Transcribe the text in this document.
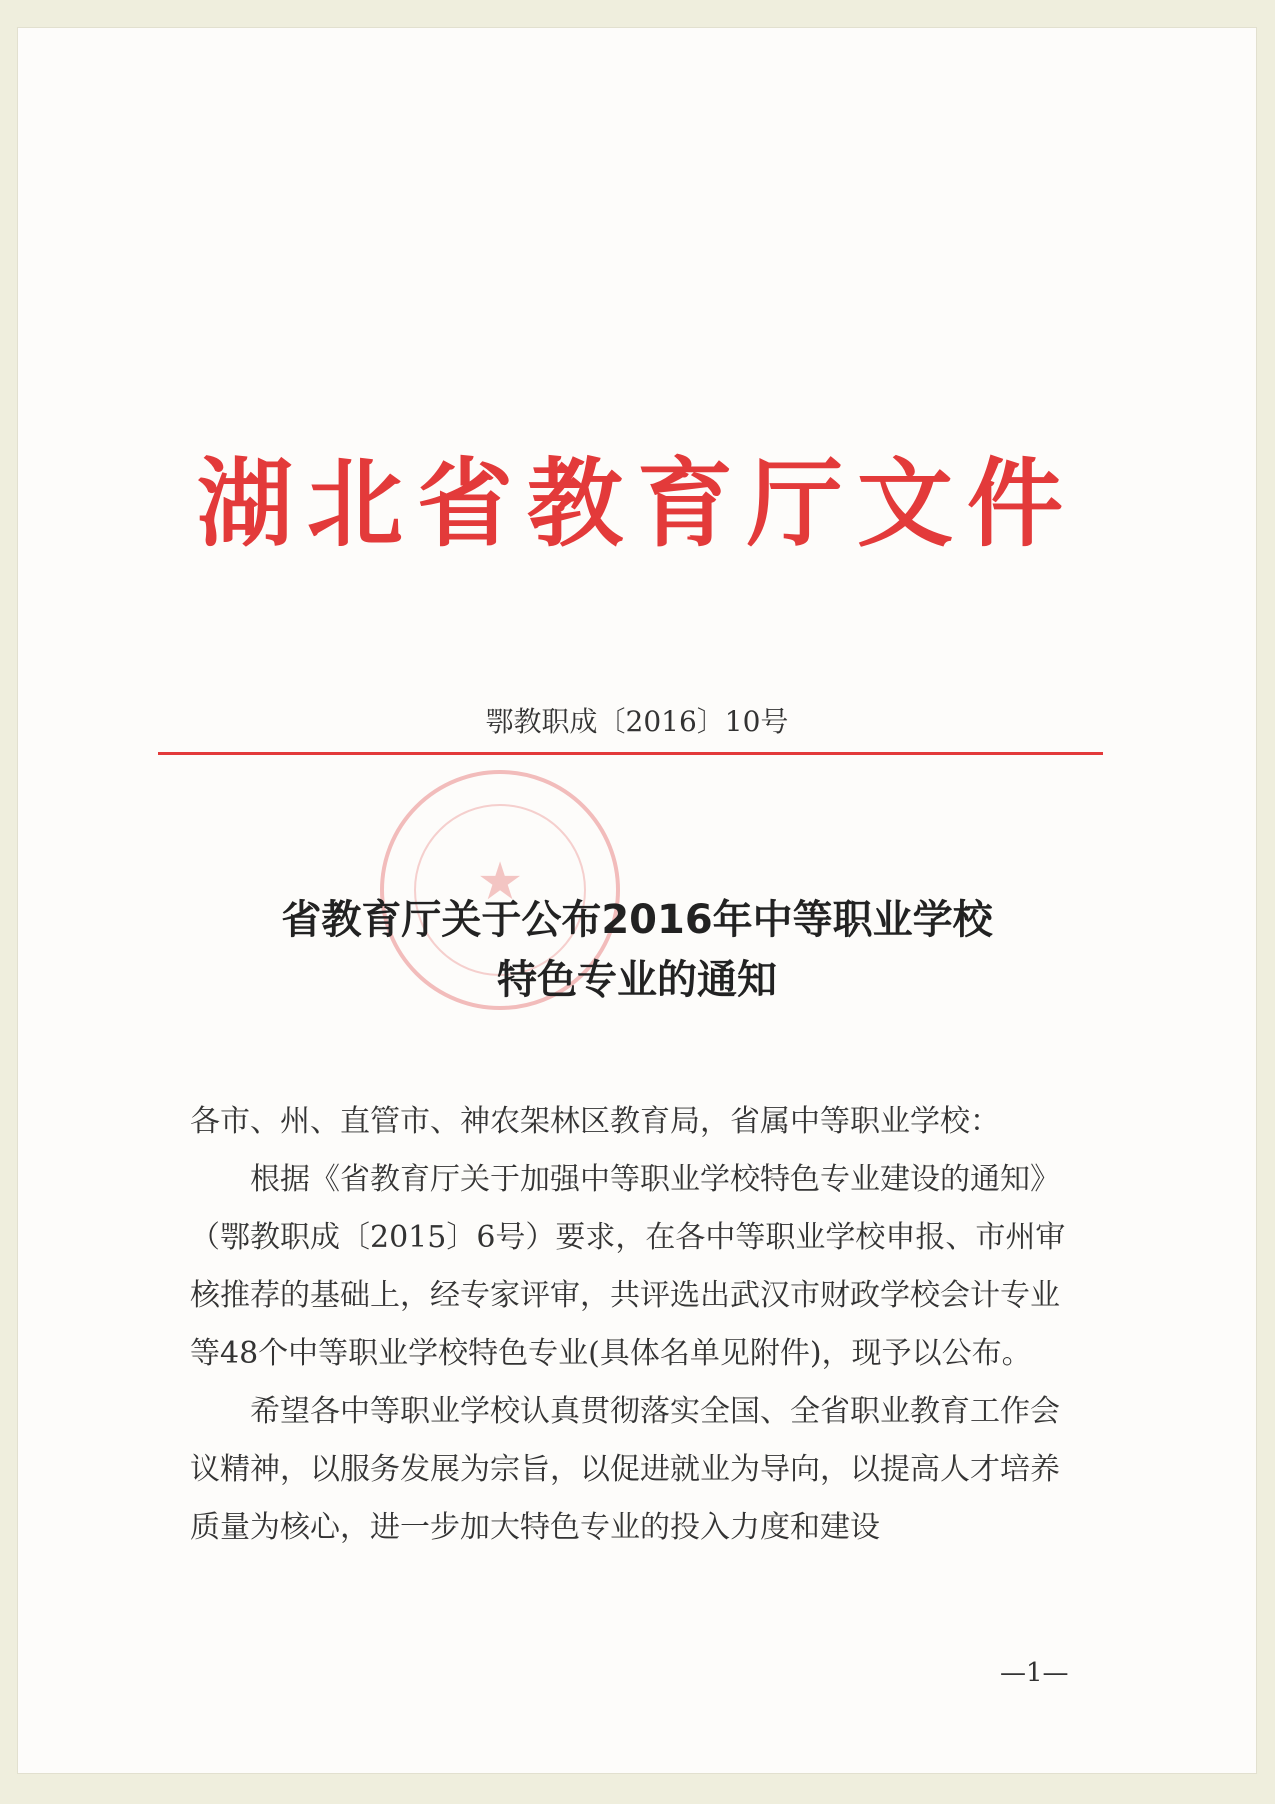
湖北省教育厅文件
鄂教职成〔2016〕10号
★
省教育厅关于公布2016年中等职业学校
特色专业的通知

各市、州、直管市、神农架林区教育局，省属中等职业学校：

根据《省教育厅关于加强中等职业学校特色专业建设的通知》（鄂教职成〔2015〕6号）要求，在各中等职业学校申报、市州审核推荐的基础上，经专家评审，共评选出武汉市财政学校会计专业等48个中等职业学校特色专业(具体名单见附件)，现予以公布。

希望各中等职业学校认真贯彻落实全国、全省职业教育工作会议精神，以服务发展为宗旨，以促进就业为导向，以提高人才培养质量为核心，进一步加大特色专业的投入力度和建设

—1—
